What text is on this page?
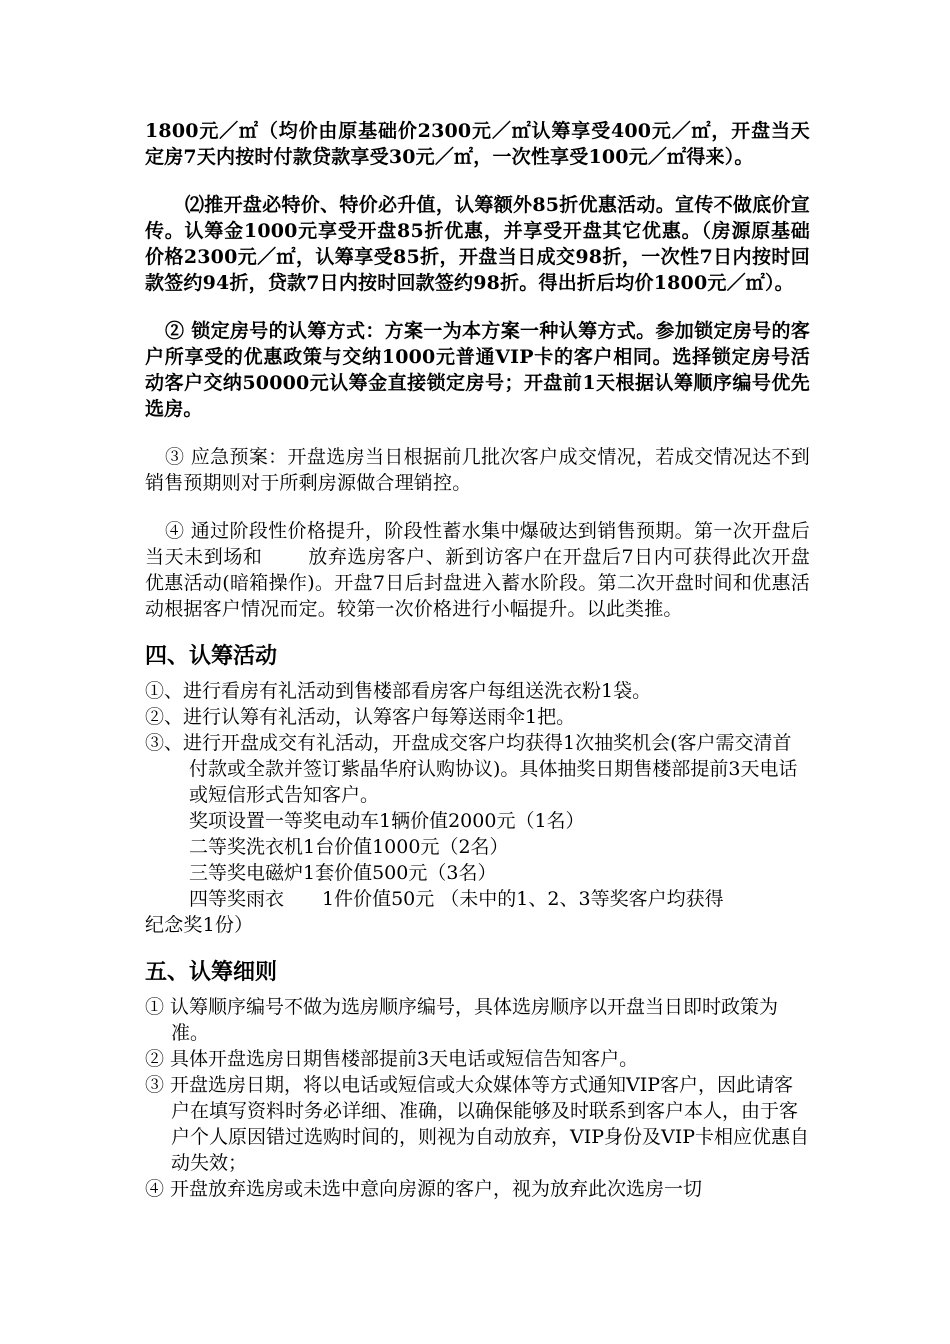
1800元／㎡（均价由原基础价2300元／㎡认筹享受400元／㎡，开盘当天定房7天内按时付款贷款享受30元／㎡，一次性享受100元／㎡得来）。

⑵推开盘必特价、特价必升值，认筹额外85折优惠活动。宣传不做底价宣传。认筹金1000元享受开盘85折优惠，并享受开盘其它优惠。（房源原基础价格2300元／㎡，认筹享受85折，开盘当日成交98折，一次性7日内按时回款签约94折，贷款7日内按时回款签约98折。得出折后均价1800元／㎡）。

② 锁定房号的认筹方式：方案一为本方案一种认筹方式。参加锁定房号的客户所享受的优惠政策与交纳1000元普通VIP卡的客户相同。选择锁定房号活动客户交纳50000元认筹金直接锁定房号；开盘前1天根据认筹顺序编号优先选房。

③ 应急预案：开盘选房当日根据前几批次客户成交情况，若成交情况达不到销售预期则对于所剩房源做合理销控。

④ 通过阶段性价格提升，阶段性蓄水集中爆破达到销售预期。第一次开盘后当天未到场和　　 放弃选房客户、新到访客户在开盘后7日内可获得此次开盘优惠活动(暗箱操作)。开盘7日后封盘进入蓄水阶段。第二次开盘时间和优惠活动根据客户情况而定。较第一次价格进行小幅提升。以此类推。

四、认筹活动

①、进行看房有礼活动到售楼部看房客户每组送洗衣粉1袋。

②、进行认筹有礼活动，认筹客户每筹送雨伞1把。

③、进行开盘成交有礼活动，开盘成交客户均获得1次抽奖机会(客户需交清首付款或全款并签订紫晶华府认购协议)。具体抽奖日期售楼部提前3天电话或短信形式告知客户。

奖项设置一等奖电动车1辆价值2000元（1名）

二等奖洗衣机1台价值1000元（2名）

三等奖电磁炉1套价值500元（3名）

四等奖雨衣　　1件价值50元 （未中的1、2、3等奖客户均获得

纪念奖1份）

五、认筹细则

① 认筹顺序编号不做为选房顺序编号，具体选房顺序以开盘当日即时政策为准。

② 具体开盘选房日期售楼部提前3天电话或短信告知客户。

③ 开盘选房日期，将以电话或短信或大众媒体等方式通知VIP客户，因此请客户在填写资料时务必详细、准确，以确保能够及时联系到客户本人，由于客户个人原因错过选购时间的，则视为自动放弃，VIP身份及VIP卡相应优惠自动失效；

④ 开盘放弃选房或未选中意向房源的客户，视为放弃此次选房一切
